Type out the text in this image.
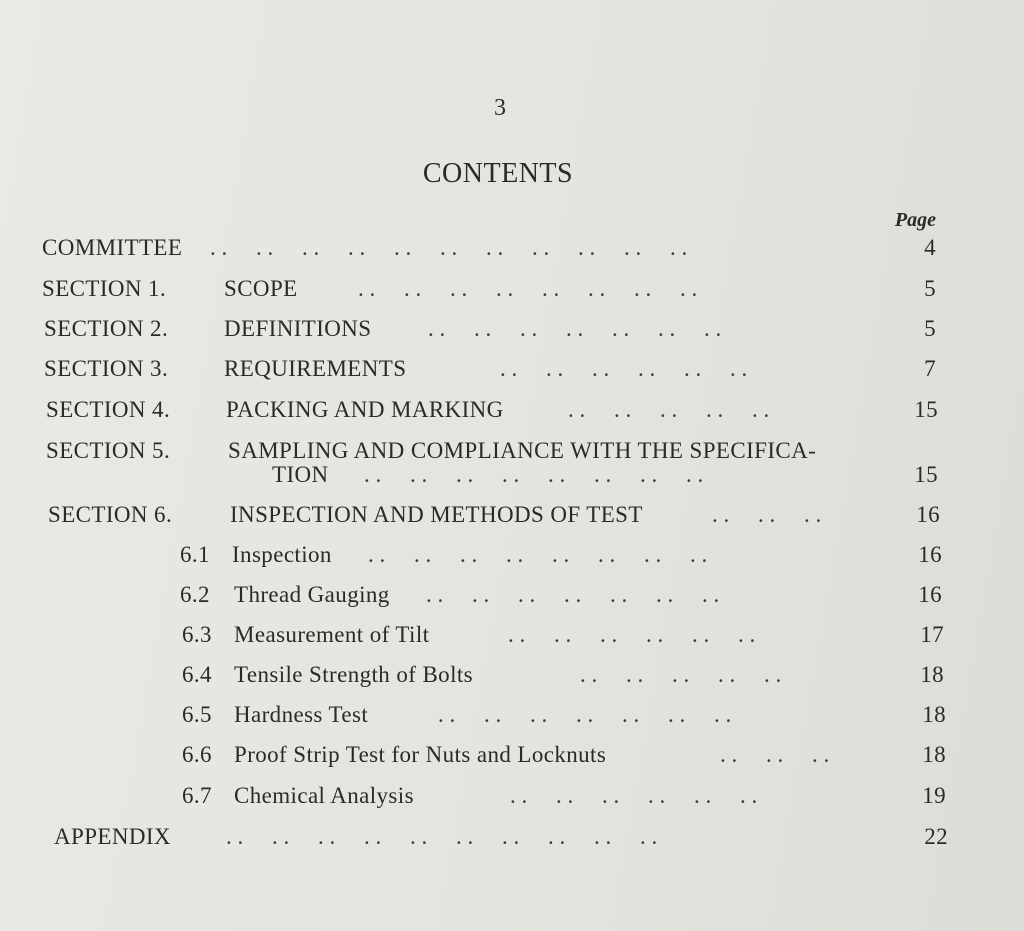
3
CONTENTS
Page
COMMITTEE . .     . .     . .     . .     . .     . .     . .     . .     . .     . .     . .	4
SECTION 1.	SCOPE	. .     . .     . .     . .     . .     . .     . .     . .	5
SECTION 2. DEFINITIONS . .     . .     . .     . .     . .     . .     . .	5
SECTION 3. REQUIREMENTS	. .     . .     . .     . .     . .     . .	7
SECTION 4. PACKING AND MARKING	. .     . .     . .     . .     . .	15
SECTION 5.	SAMPLING AND COMPLIANCE WITH THE SPECIFICA-
TION . .     . .     . .     . .     . .     . .     . .     . .	15
SECTION 6.	INSPECTION AND METHODS OF TEST	. .     . .     . .	16
6.1 Inspection . .     . .     . .     . .     . .     . .     . .     . .	16
6.2 Thread Gauging . .     . .     . .     . .     . .     . .     . .	16
6.3 Measurement of Tilt	. .     . .     . .     . .     . .     . .	17
6.4 Tensile Strength of Bolts	. .     . .     . .     . .     . .	18
6.5 Hardness Test	. .     . .     . .     . .     . .     . .     . .	18
6.6 Proof Strip Test for Nuts and Locknuts	. .     . .     . .	18
6.7 Chemical Analysis	. .     . .     . .     . .     . .     . .	19
APPENDIX . .     . .     . .     . .     . .     . .     . .     . .     . .     . .	22
